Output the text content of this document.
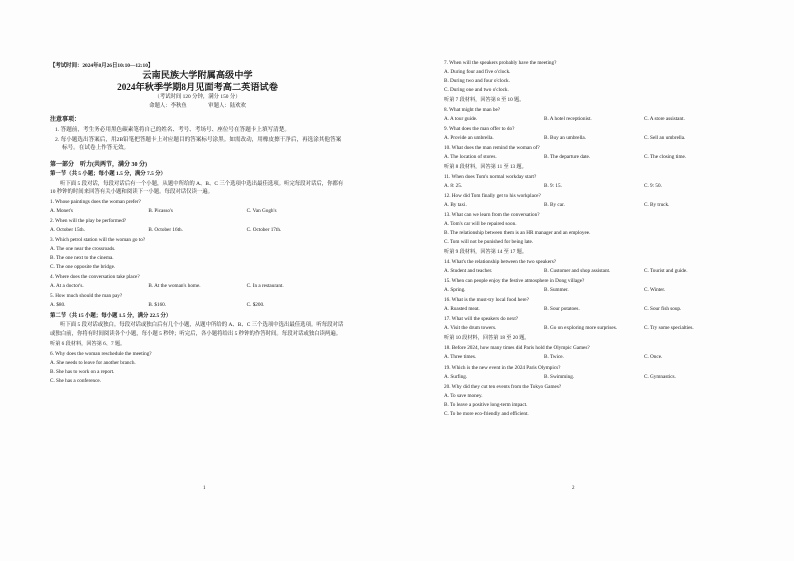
【考试时间：2024年8月26日10:10—12:10】
云南民族大学附属高级中学
2024年秋季学期8月见面考高二英语试卷
（考试时间 120 分钟，满分 150 分）
命题人：李秋鱼	审题人：陆欢欢
注意事项：
1. 答题前，考生务必用黑色碳素笔将自己的姓名、考号、考场号、座位号在答题卡上填写清楚。
2. 每小题选出答案后，用2B铅笔把答题卡上对应题目的答案标号涂黑。如需改动，用橡皮擦干净后，再选涂其他答案标号。在试卷上作答无效。
第一部分　听力(共两节，满分 30 分)
第一节（共 5 小题；每小题 1.5 分，满分 7.5 分）
听下面 5 段对话，每段对话后有一个小题，从题中所给的 A、B、C 三个选项中选出最佳选项。听完每段对话后，你都有 10 秒钟的时间来回答有关小题和阅读下一小题。每段对话仅读一遍。
1. Whose paintings does the woman prefer?
A. Monet's	B. Picasso's	C. Van Gogh's
2. When will the play be performed?
A. October 15th.	B. October 16th.	C. October 17th.
3. Which petrol station will the woman go to?
A. The one near the crossroads.
B. The one next to the cinema.
C. The one opposite the bridge.
4. Where does the conversation take place?
A. At a doctor's.	B. At the woman's home.	C. In a restaurant.
5. How much should the man pay?
A. $80.	B. $160.	C. $200.
第二节（共 15 小题；每小题 1.5 分，满分 22.5 分）
听下面 5 段对话或独白。每段对话或独白后有几个小题，从题中所给的 A、B、C 三个选项中选出最佳选项。听每段对话或独白前，你将有时间阅读各个小题，每小题 5 秒钟；听完后，各小题将给出 5 秒钟的作答时间。每段对话或独白读两遍。
听第 6 段材料，回答第 6、7 题。
6. Why does the woman reschedule the meeting?
A. She needs to leave for another branch.
B. She has to work on a report.
C. She has a conference.
1	2
7. When will the speakers probably have the meeting?
A. During four and five o'clock.
B. During two and four o'clock.
C. During one and two o'clock.
听第 7 段材料，回答第 8 至 10 题。
8. What might the man be?
A. A tour guide.	B. A hotel receptionist.	C. A store assistant.
9. What does the man offer to do?
A. Provide an umbrella.	B. Buy an umbrella.	C. Sell an umbrella.
10. What does the man remind the woman of?
A. The location of stores.	B. The departure date.	C. The closing time.
听第 8 段材料，回答第 11 至 13 题。
11. When does Tom's normal workday start?
A. 8: 25.	B. 9: 15.	C. 9: 50.
12. How did Tom finally get to his workplace?
A. By taxi.	B. By car.	C. By truck.
13. What can we learn from the conversation?
A. Tom's car will be repaired soon.
B. The relationship between them is an HR manager and an employee.
C. Tom will not be punished for being late.
听第 9 段材料，回答第 14 至 17 题。
14. What's the relationship between the two speakers?
A. Student and teacher.	B. Customer and shop assistant.	C. Tourist and guide.
15. When can people enjoy the festive atmosphere in Dong village?
A. Spring.	B. Summer.	C. Winter.
16. What is the must-try local food here?
A. Roasted meat.	B. Sour potatoes.	C. Sour fish soup.
17. What will the speakers do next?
A. Visit the drum towers.	B. Go on exploring more surprises.	C. Try some specialties.
听第 10 段材料，回答第 18 至 20 题。
18. Before 2024, how many times did Paris hold the Olympic Games?
A. Three times.	B. Twice.	C. Once.
19. Which is the new event in the 2024 Paris Olympics?
A. Surfing.	B. Swimming.	C. Gymnastics.
20. Why did they cut ten events from the Tokyo Games?
A. To save money.
B. To leave a positive long-term impact.
C. To be more eco-friendly and efficient.
